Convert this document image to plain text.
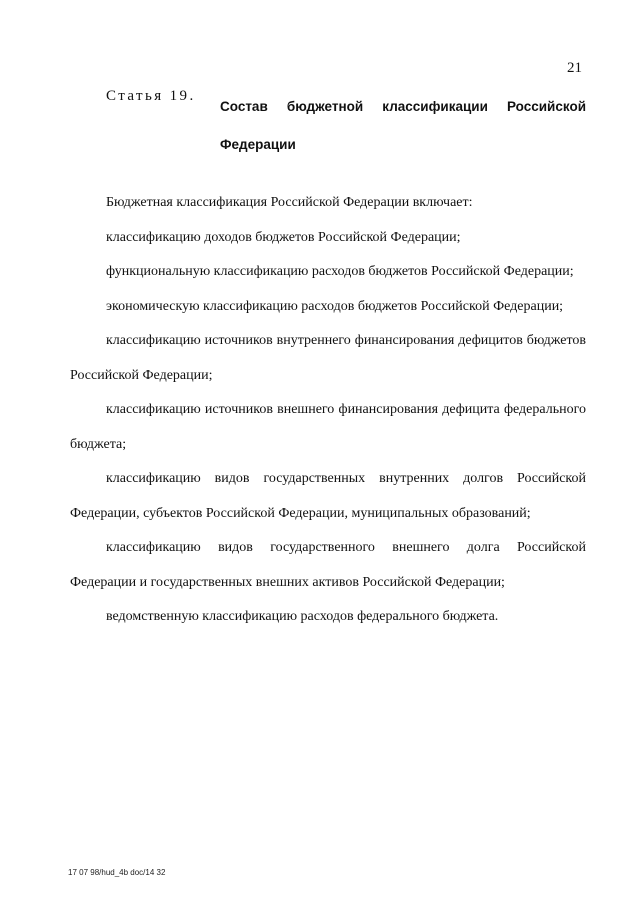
21
Статья 19.
Состав бюджетной классификации Российской
Федерации

Бюджетная классификация Российской Федерации включает:

классификацию доходов бюджетов Российской Федерации;

функциональную классификацию расходов бюджетов Российской Федерации;

экономическую классификацию расходов бюджетов Российской Федерации;

классификацию источников внутреннего финансирования дефицитов бюджетов Российской Федерации;

классификацию источников внешнего финансирования дефицита федерального бюджета;

классификацию видов государственных внутренних долгов Российской Федерации, субъектов Российской Федерации, муниципальных образований;

классификацию видов государственного внешнего долга Российской Федерации и государственных внешних активов Российской Федерации;

ведомственную классификацию расходов федерального бюджета.

17 07 98/hud_4b doc/14 32
